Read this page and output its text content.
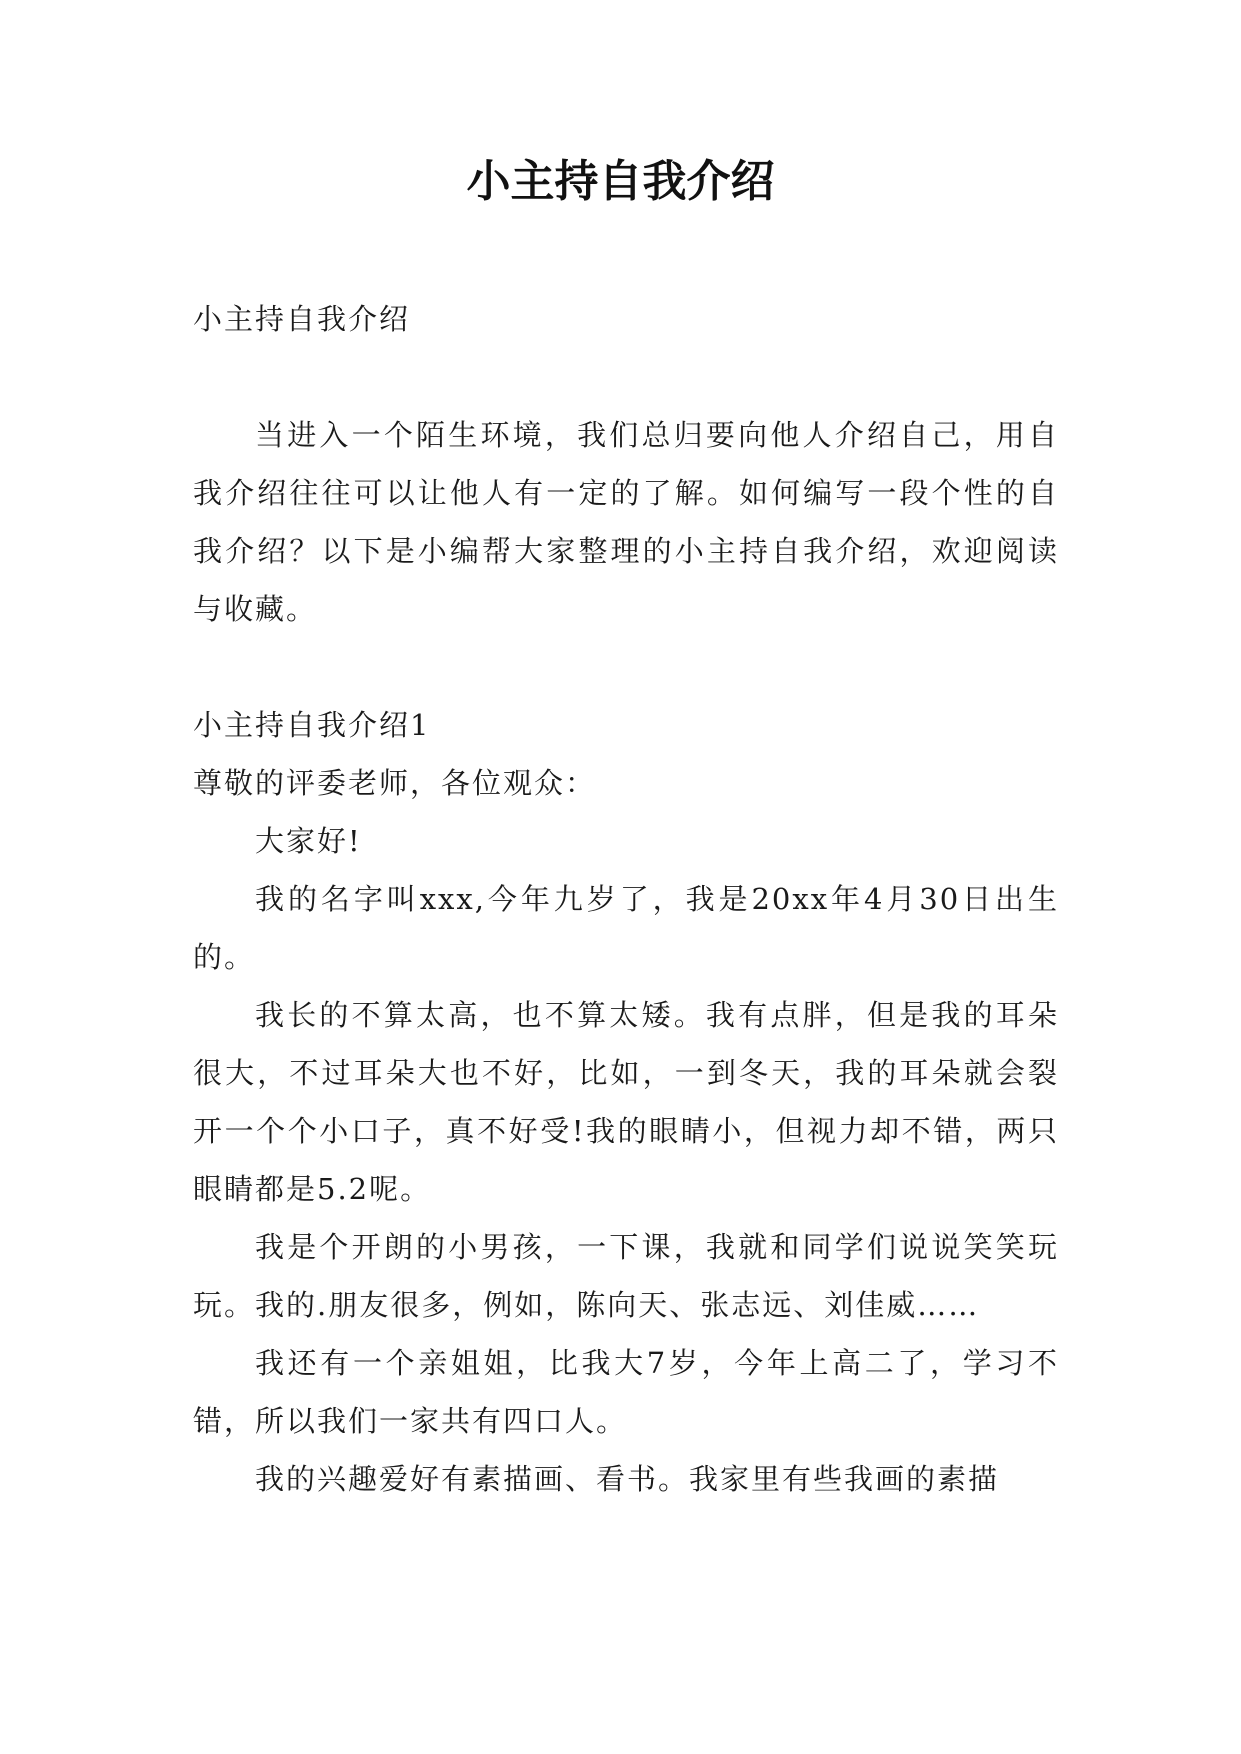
小主持自我介绍

小主持自我介绍

当进入一个陌生环境，我们总归要向他人介绍自己，用自我介绍往往可以让他人有一定的了解。如何编写一段个性的自我介绍？以下是小编帮大家整理的小主持自我介绍，欢迎阅读与收藏。

小主持自我介绍1

尊敬的评委老师，各位观众：

大家好!

我的名字叫xxx,今年九岁了，我是20xx年4月30日出生的。

我长的不算太高，也不算太矮。我有点胖，但是我的耳朵很大，不过耳朵大也不好，比如，一到冬天，我的耳朵就会裂开一个个小口子，真不好受!我的眼睛小，但视力却不错，两只眼睛都是5.2呢。

我是个开朗的小男孩，一下课，我就和同学们说说笑笑玩玩。我的.朋友很多，例如，陈向天、张志远、刘佳威……

我还有一个亲姐姐，比我大7岁，今年上高二了，学习不错，所以我们一家共有四口人。

我的兴趣爱好有素描画、看书。我家里有些我画的素描
